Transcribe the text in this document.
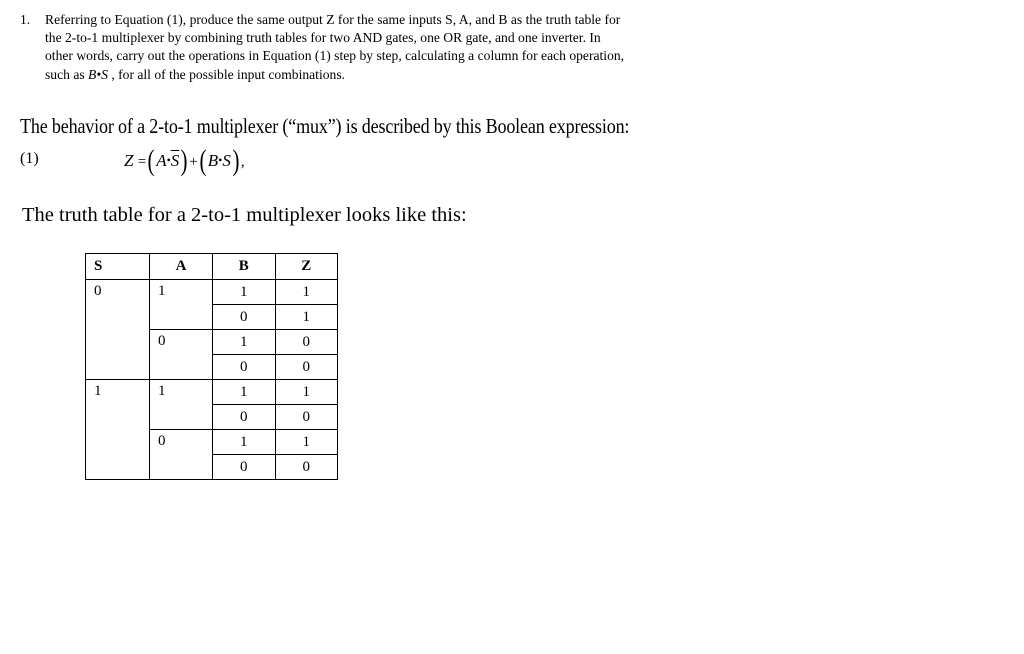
1. Referring to Equation (1), produce the same output Z for the same inputs S, A, and B as the truth table for the 2-to-1 multiplexer by combining truth tables for two AND gates, one OR gate, and one inverter. In other words, carry out the operations in Equation (1) step by step, calculating a column for each operation, such as B•S , for all of the possible input combinations.
The behavior of a 2-to-1 multiplexer (“mux”) is described by this Boolean expression:
(1)	$Z =(A•\overline{S})$ +(B•S) ,
The truth table for a 2-to-1 multiplexer looks like this:
S	A	B	Z
0	1	1	1
		0	1
	0	1	0
		0	0
1	1	1	1
		0	0
	0	1	1
		0	0
